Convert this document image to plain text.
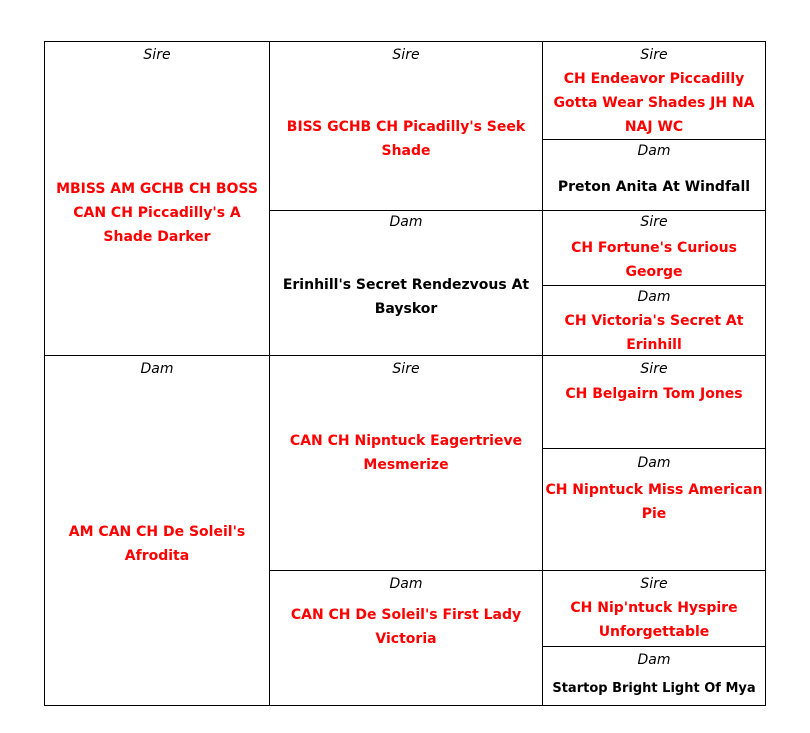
Sire
MBISS AM GCHB CH BOSS CAN CH Piccadilly's A Shade Darker
Dam
AM CAN CH De Soleil's Afrodita
Sire
BISS GCHB CH Picadilly's Seek Shade
Dam
Erinhill's Secret Rendezvous At Bayskor
Sire
CAN CH Nipntuck Eagertrieve Mesmerize
Dam
CAN CH De Soleil's First Lady Victoria
Sire
CH Endeavor Piccadilly Gotta Wear Shades JH NA NAJ WC
Dam
Preton Anita At Windfall
Sire
CH Fortune's Curious George
Dam
CH Victoria's Secret At Erinhill
Sire
CH Belgairn Tom Jones
Dam
CH Nipntuck Miss American Pie
Sire
CH Nip'ntuck Hyspire Unforgettable
Dam
Startop Bright Light Of Mya
